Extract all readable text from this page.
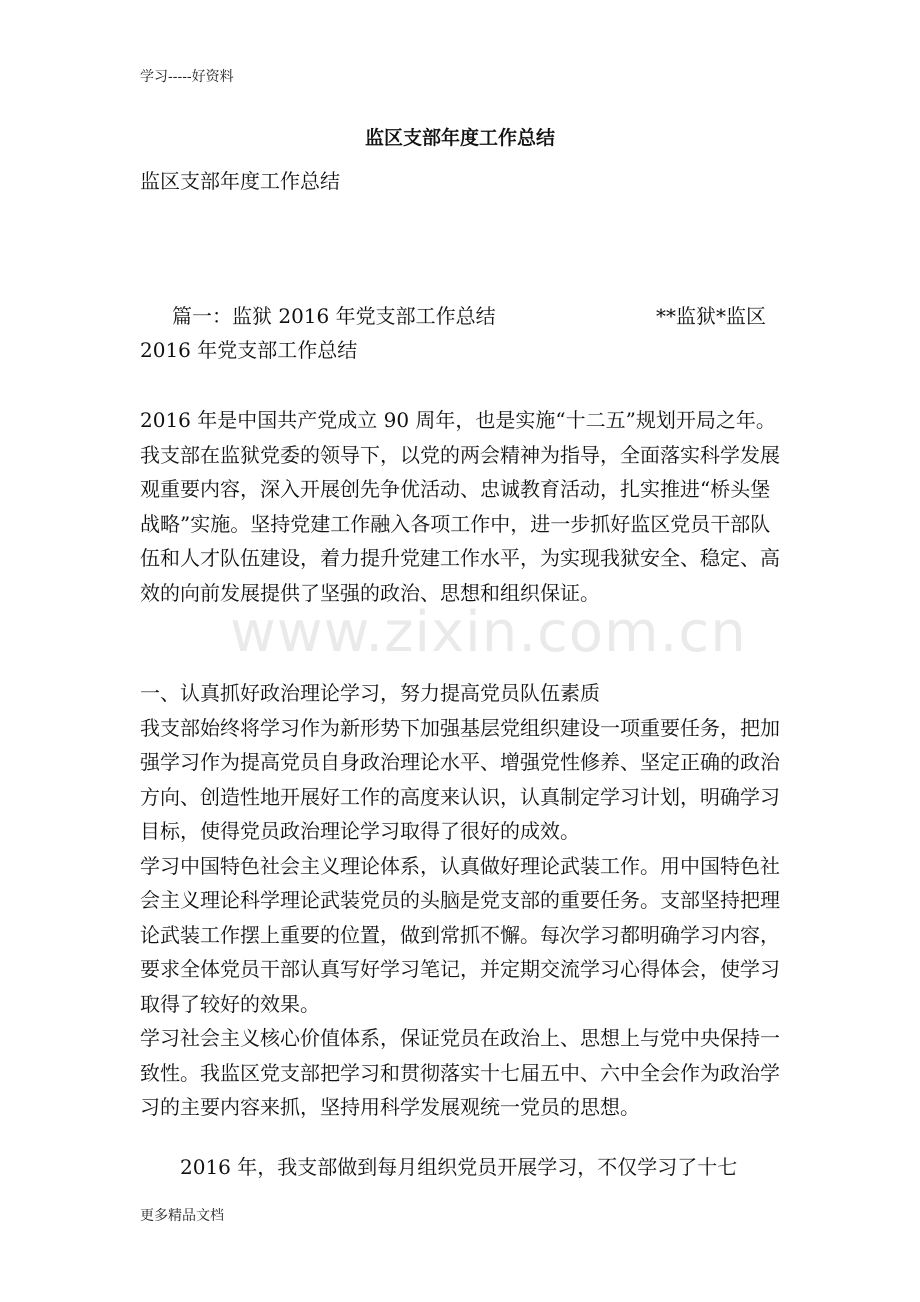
学习-----好资料
监区支部年度工作总结
监区支部年度工作总结
篇一：监狱 2016 年党支部工作总结	**监狱*监区
2016 年党支部工作总结

2016 年是中国共产党成立 90 周年，也是实施“十二五”规划开局之年。我支部在监狱党委的领导下，以党的两会精神为指导，全面落实科学发展观重要内容，深入开展创先争优活动、忠诚教育活动，扎实推进“桥头堡战略”实施。坚持党建工作融入各项工作中，进一步抓好监区党员干部队伍和人才队伍建设，着力提升党建工作水平，为实现我狱安全、稳定、高效的向前发展提供了坚强的政治、思想和组织保证。

一、认真抓好政治理论学习，努力提高党员队伍素质

我支部始终将学习作为新形势下加强基层党组织建设一项重要任务，把加强学习作为提高党员自身政治理论水平、增强党性修养、坚定正确的政治方向、创造性地开展好工作的高度来认识，认真制定学习计划，明确学习目标，使得党员政治理论学习取得了很好的成效。

学习中国特色社会主义理论体系，认真做好理论武装工作。用中国特色社会主义理论科学理论武装党员的头脑是党支部的重要任务。支部坚持把理论武装工作摆上重要的位置，做到常抓不懈。每次学习都明确学习内容，要求全体党员干部认真写好学习笔记，并定期交流学习心得体会，使学习取得了较好的效果。

学习社会主义核心价值体系，保证党员在政治上、思想上与党中央保持一致性。我监区党支部把学习和贯彻落实十七届五中、六中全会作为政治学习的主要内容来抓，坚持用科学发展观统一党员的思想。

2016 年，我支部做到每月组织党员开展学习，不仅学习了十七

www.zixin.com.cn
更多精品文档
